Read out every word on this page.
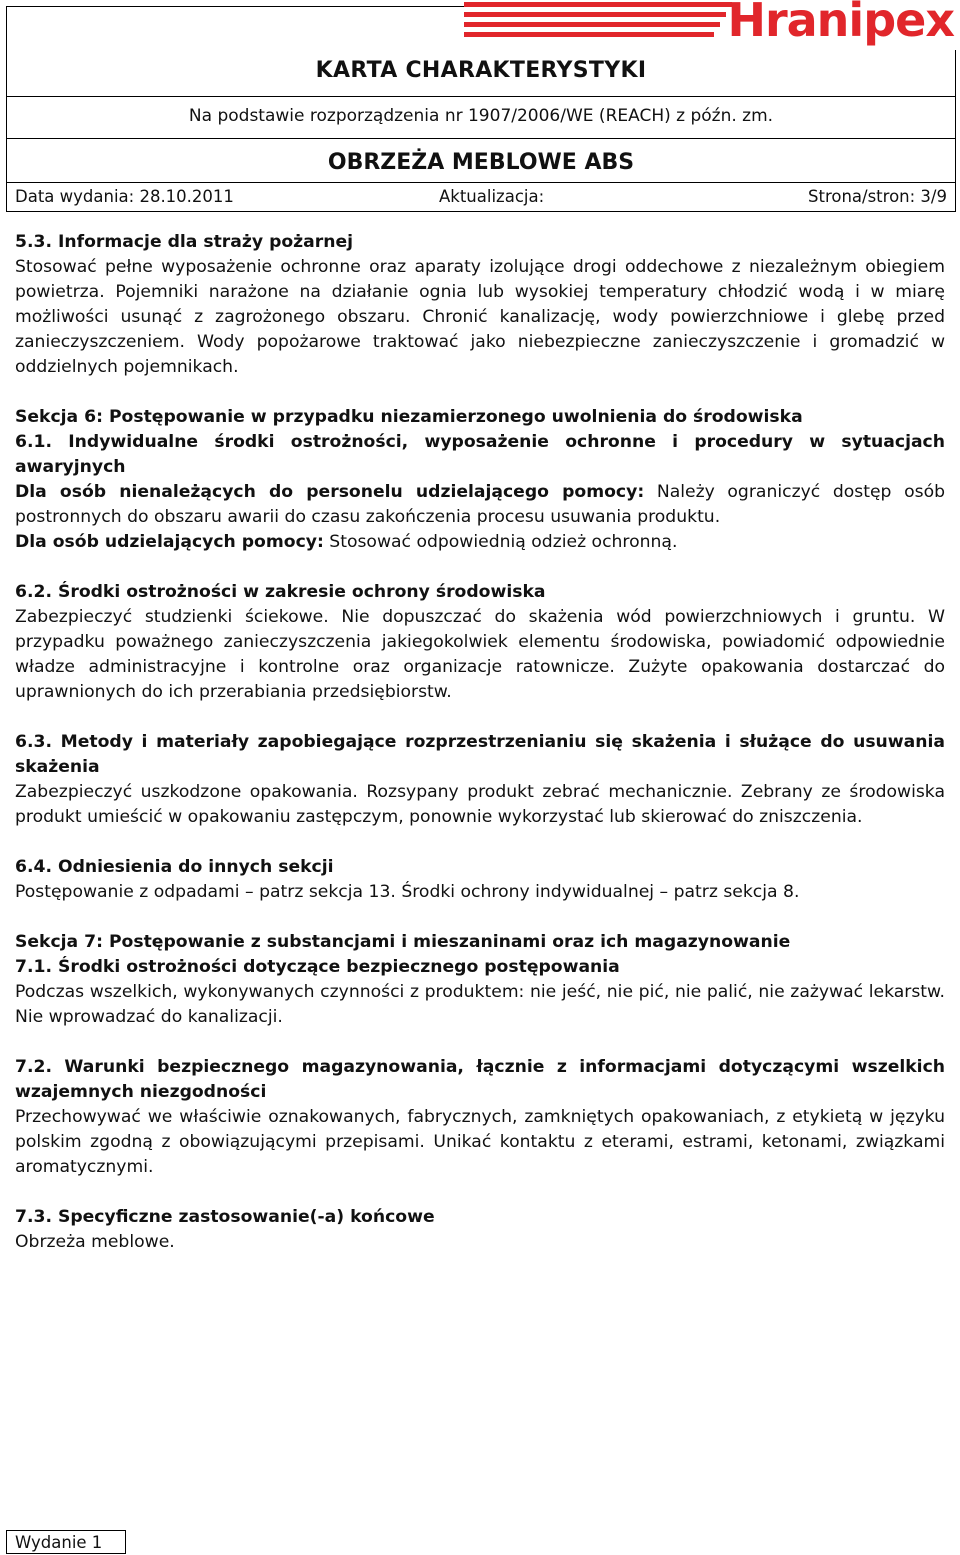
Hranipex
KARTA CHARAKTERYSTYKI
Na podstawie rozporządzenia nr 1907/2006/WE (REACH) z późn. zm.
OBRZEŻA MEBLOWE ABS
Data wydania: 28.10.2011	Aktualizacja:	Strona/stron: 3/9

5.3. Informacje dla straży pożarnej

Stosować pełne wyposażenie ochronne oraz aparaty izolujące drogi oddechowe z niezależnym obiegiem powietrza. Pojemniki narażone na działanie ognia lub wysokiej temperatury chłodzić wodą i w miarę możliwości usunąć z zagrożonego obszaru. Chronić kanalizację, wody powierzchniowe i glebę przed zanieczyszczeniem. Wody popożarowe traktować jako niebezpieczne zanieczyszczenie i gromadzić w oddzielnych pojemnikach.

Sekcja 6: Postępowanie w przypadku niezamierzonego uwolnienia do środowiska

6.1. Indywidualne środki ostrożności, wyposażenie ochronne i procedury w sytuacjach awaryjnych

Dla osób nienależących do personelu udzielającego pomocy: Należy ograniczyć dostęp osób postronnych do obszaru awarii do czasu zakończenia procesu usuwania produktu.

Dla osób udzielających pomocy: Stosować odpowiednią odzież ochronną.

6.2. Środki ostrożności w zakresie ochrony środowiska

Zabezpieczyć studzienki ściekowe. Nie dopuszczać do skażenia wód powierzchniowych i gruntu. W przypadku poważnego zanieczyszczenia jakiegokolwiek elementu środowiska, powiadomić odpowiednie władze administracyjne i kontrolne oraz organizacje ratownicze. Zużyte opakowania dostarczać do uprawnionych do ich przerabiania przedsiębiorstw.

6.3. Metody i materiały zapobiegające rozprzestrzenianiu się skażenia i służące do usuwania skażenia

Zabezpieczyć uszkodzone opakowania. Rozsypany produkt zebrać mechanicznie. Zebrany ze środowiska produkt umieścić w opakowaniu zastępczym, ponownie wykorzystać lub skierować do zniszczenia.

6.4. Odniesienia do innych sekcji

Postępowanie z odpadami – patrz sekcja 13. Środki ochrony indywidualnej – patrz sekcja 8.

Sekcja 7: Postępowanie z substancjami i mieszaninami oraz ich magazynowanie

7.1. Środki ostrożności dotyczące bezpiecznego postępowania

Podczas wszelkich, wykonywanych czynności z produktem: nie jeść, nie pić, nie palić, nie zażywać lekarstw. Nie wprowadzać do kanalizacji.

7.2. Warunki bezpiecznego magazynowania, łącznie z informacjami dotyczącymi wszelkich wzajemnych niezgodności

Przechowywać we właściwie oznakowanych, fabrycznych, zamkniętych opakowaniach, z etykietą w języku polskim zgodną z obowiązującymi przepisami. Unikać kontaktu z eterami, estrami, ketonami, związkami aromatycznymi.

7.3. Specyficzne zastosowanie(-a) końcowe

Obrzeża meblowe.

Wydanie 1
